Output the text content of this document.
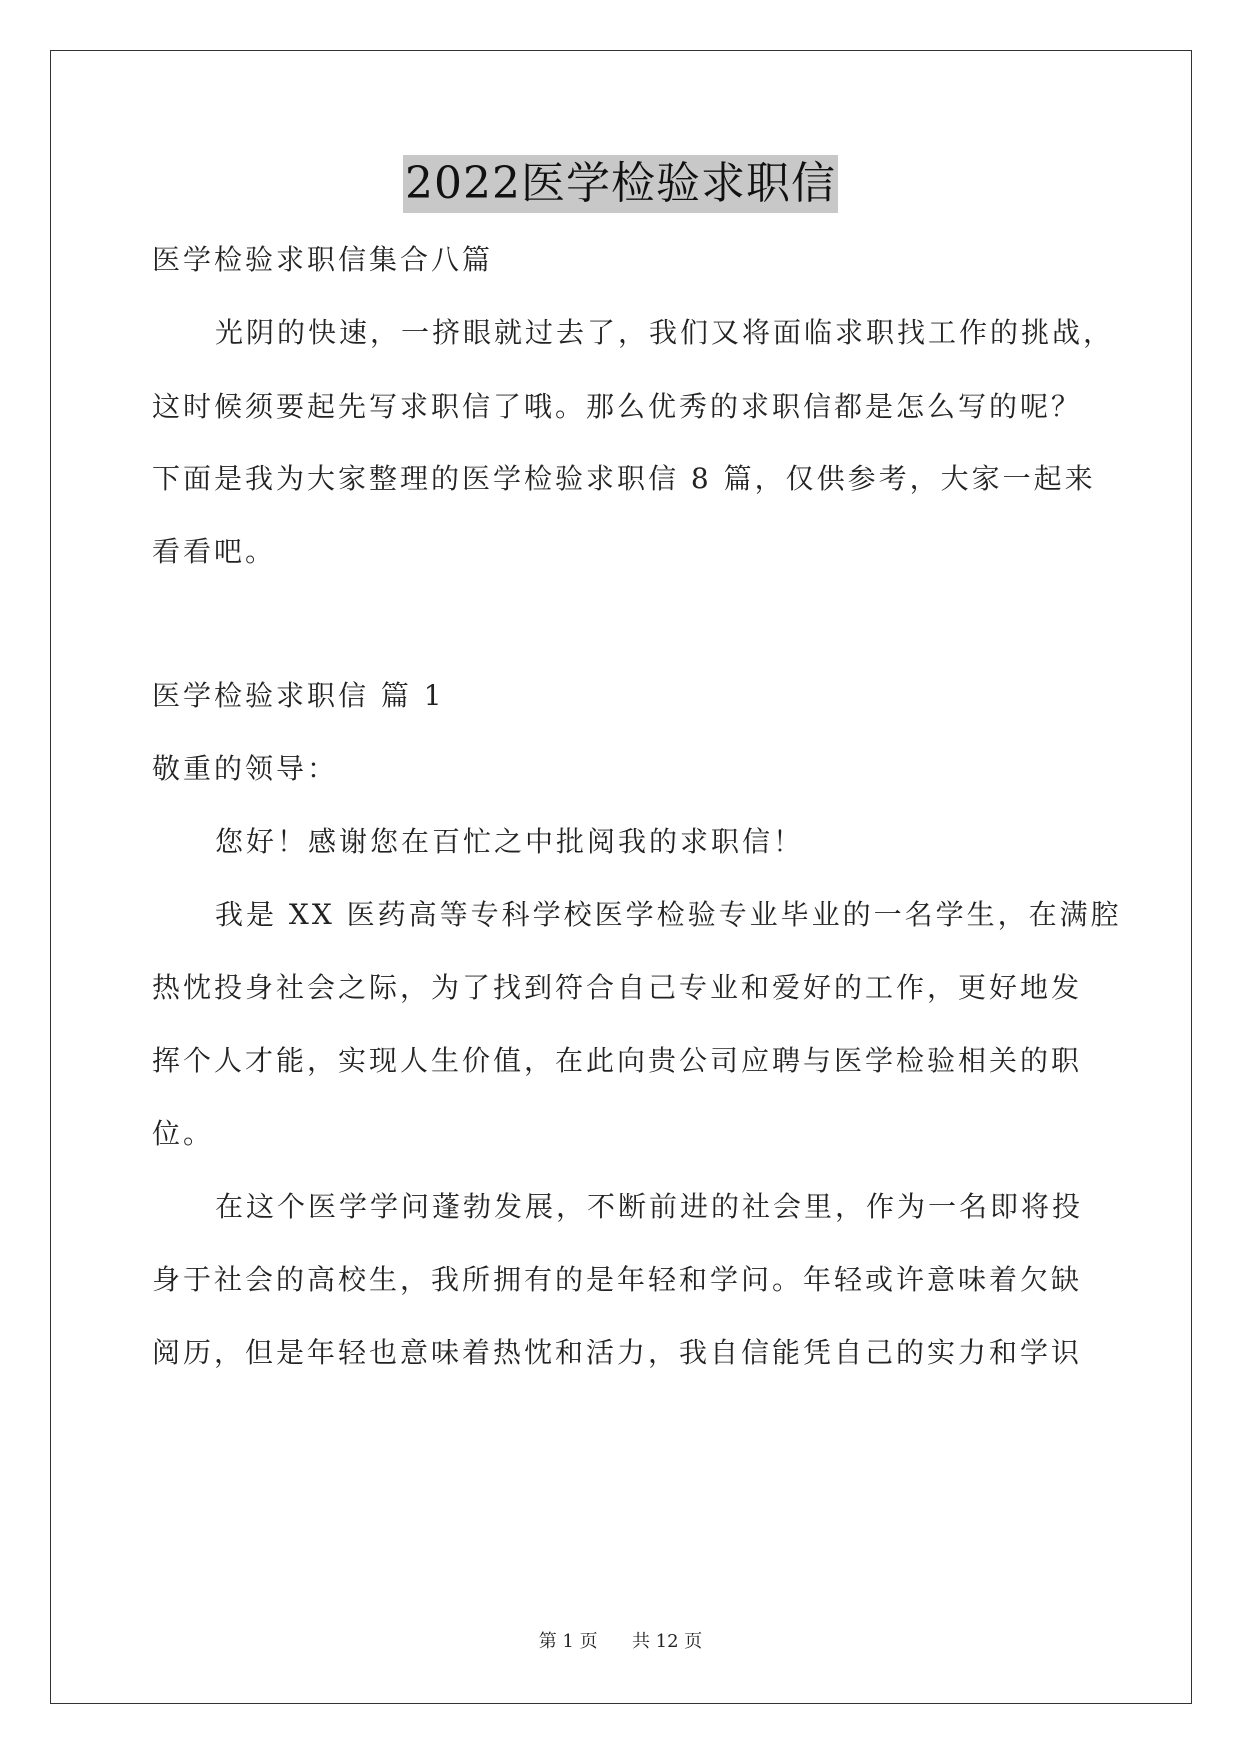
2022医学检验求职信
医学检验求职信集合八篇
光阴的快速，一挤眼就过去了，我们又将面临求职找工作的挑战，
这时候须要起先写求职信了哦。那么优秀的求职信都是怎么写的呢？
下面是我为大家整理的医学检验求职信 8 篇，仅供参考，大家一起来
看看吧。
医学检验求职信 篇 1
敬重的领导：
您好！感谢您在百忙之中批阅我的求职信！
我是 XX 医药高等专科学校医学检验专业毕业的一名学生，在满腔
热忱投身社会之际，为了找到符合自己专业和爱好的工作，更好地发
挥个人才能，实现人生价值，在此向贵公司应聘与医学检验相关的职
位。
在这个医学学问蓬勃发展，不断前进的社会里，作为一名即将投
身于社会的高校生，我所拥有的是年轻和学问。年轻或许意味着欠缺
阅历，但是年轻也意味着热忱和活力，我自信能凭自己的实力和学识
第 1 页 共 12 页
